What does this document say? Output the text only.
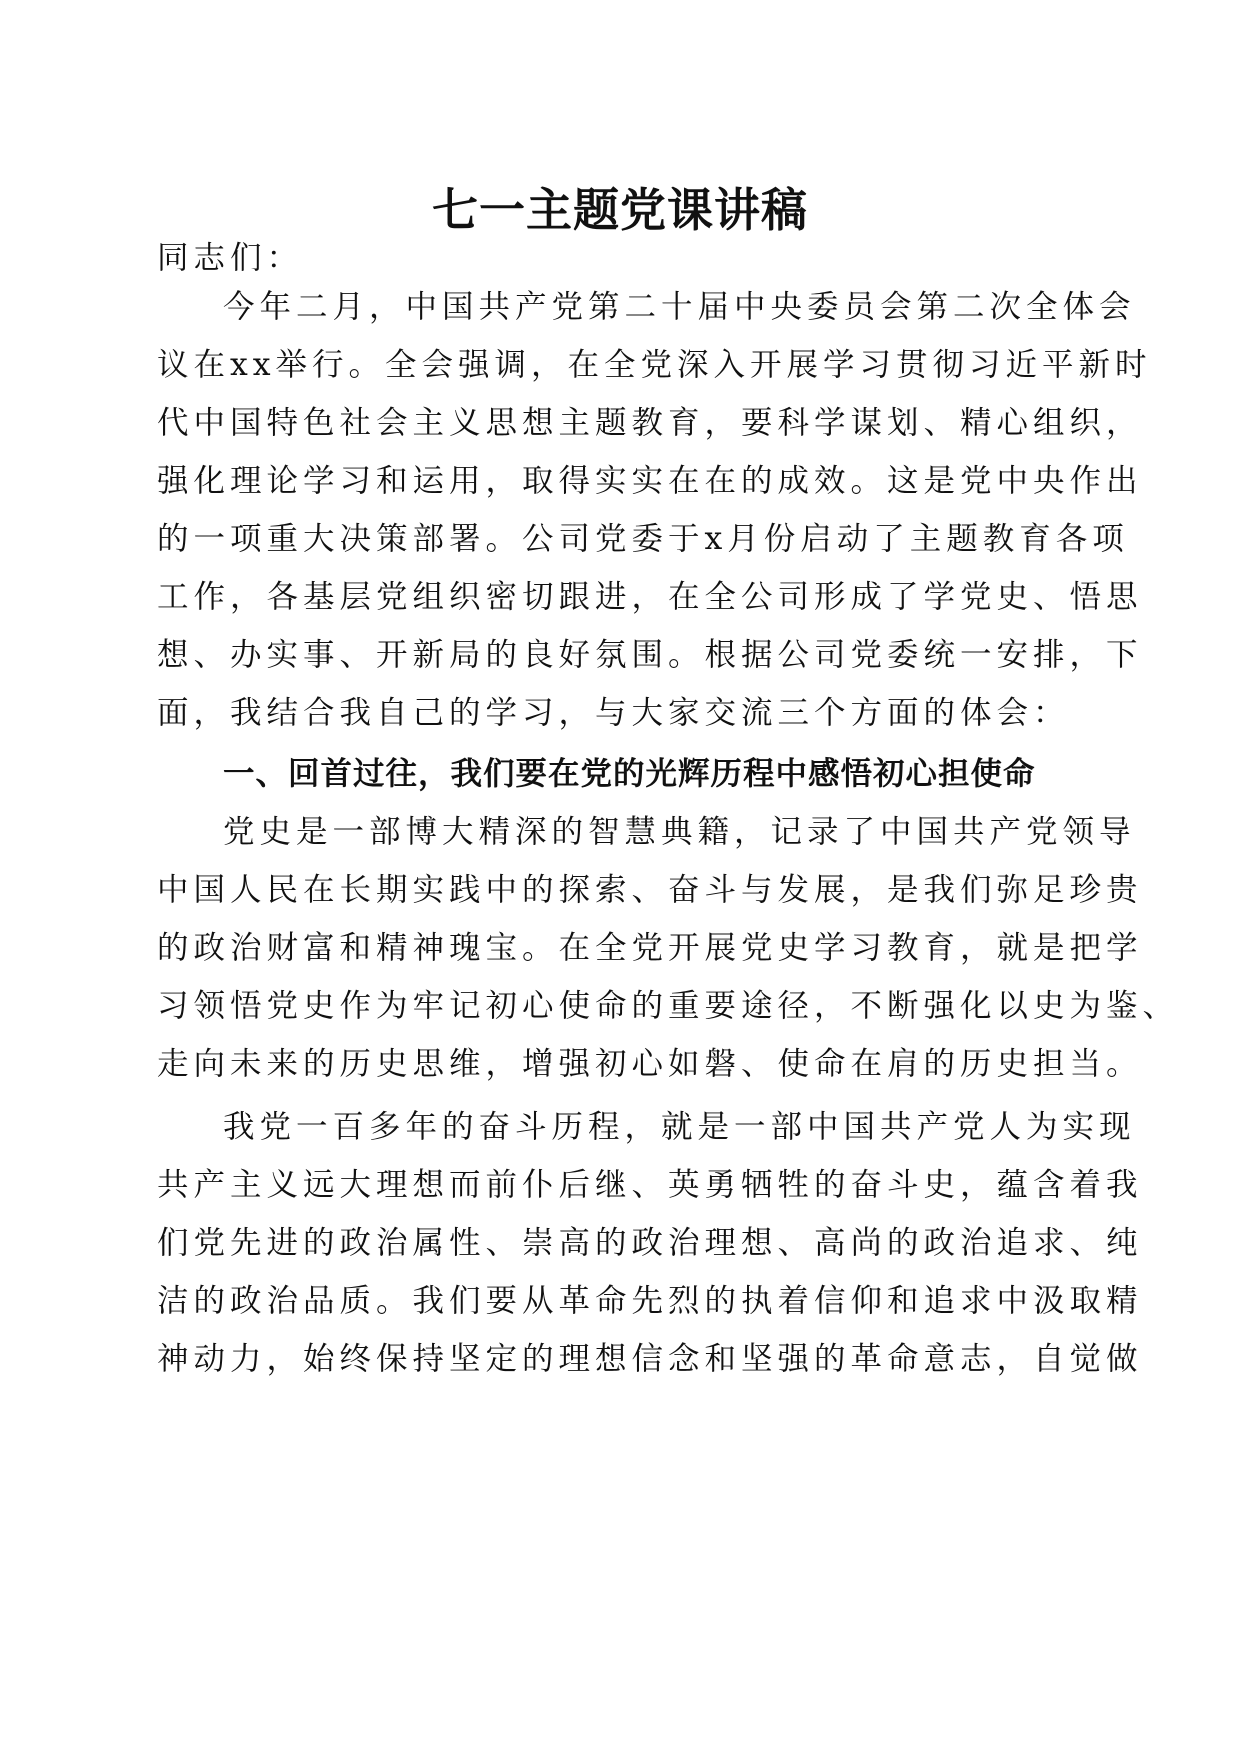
七一主题党课讲稿
同志们：
今年二月，中国共产党第二十届中央委员会第二次全体会
议在xx举行。全会强调，在全党深入开展学习贯彻习近平新时
代中国特色社会主义思想主题教育，要科学谋划、精心组织，
强化理论学习和运用，取得实实在在的成效。这是党中央作出
的一项重大决策部署。公司党委于x月份启动了主题教育各项
工作，各基层党组织密切跟进，在全公司形成了学党史、悟思
想、办实事、开新局的良好氛围。根据公司党委统一安排，下
面，我结合我自己的学习，与大家交流三个方面的体会：
一、回首过往，我们要在党的光辉历程中感悟初心担使命
党史是一部博大精深的智慧典籍，记录了中国共产党领导
中国人民在长期实践中的探索、奋斗与发展，是我们弥足珍贵
的政治财富和精神瑰宝。在全党开展党史学习教育，就是把学
习领悟党史作为牢记初心使命的重要途径，不断强化以史为鉴、
走向未来的历史思维，增强初心如磐、使命在肩的历史担当。
我党一百多年的奋斗历程，就是一部中国共产党人为实现
共产主义远大理想而前仆后继、英勇牺牲的奋斗史，蕴含着我
们党先进的政治属性、崇高的政治理想、高尚的政治追求、纯
洁的政治品质。我们要从革命先烈的执着信仰和追求中汲取精
神动力，始终保持坚定的理想信念和坚强的革命意志，自觉做
